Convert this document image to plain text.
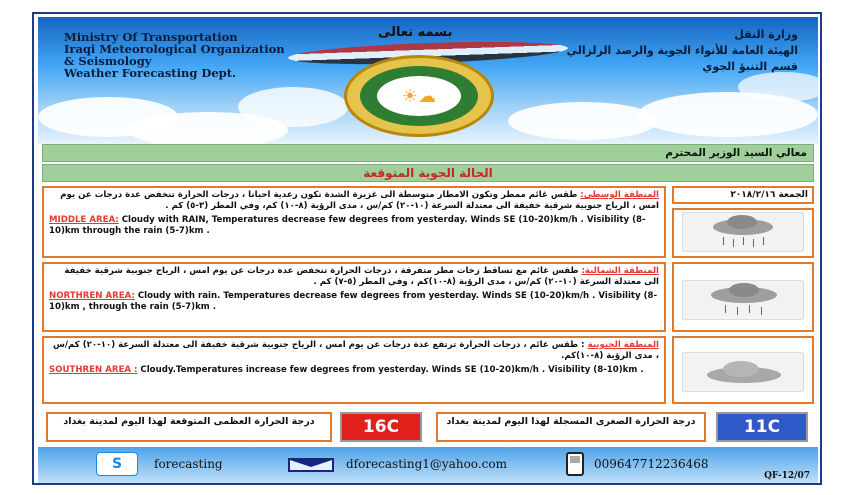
Ministry Of Transportation
Iraqi Meteorological Organization
& Seismology
Weather Forecasting Dept.
بسمه تعالى
☀☁
وزارة النقل
الهيئة العامة للأنواء الجوية والرصد الزلزالي
قسم التنبؤ الجوي
معالي السيد الوزير المحترم
الحالة الجوية المتوقعة
المنطقة الوسطى: طقس غائم ممطر وتكون الامطار متوسطة الى غزيرة الشدة تكون رعدية احيانا ، درجات الحرارة تنخفض عدة درجات عن يوم امس ، الرياح جنوبية شرقية خفيفة الى معتدلة السرعة (١٠-٢٠) كم/س ، مدى الرؤية (٨-١٠) كم، وفي المطر (٣-٥) كم .
MIDDLE AREA: Cloudy with RAIN, Temperatures decrease few degrees from yesterday. Winds SE (10-20)km/h . Visibility (8-10)km through the rain (5-7)km .
المنطقة الشمالية: طقس غائم مع تساقط زخات مطر متفرقة ، درجات الحرارة تنخفض عدة درجات عن يوم امس ، الرياح جنوبية شرقية خفيفة الى معتدلة السرعة (١٠-٢٠) كم/س ، مدى الرؤية (٨-١٠)كم ، وفي المطر (٥-٧) كم .
NORTHREN AREA: Cloudy with rain. Temperatures decrease few degrees from yesterday. Winds SE (10-20)km/h . Visibility (8-10)km , through the rain (5-7)km .
المنطقة الجنوبية : طقس غائم ، درجات الحرارة ترتفع عدة درجات عن يوم امس ، الرياح جنوبية شرقية خفيفة الى معتدلة السرعة (١٠-٢٠) كم/س ، مدى الرؤية (٨-١٠)كم.
SOUTHREN AREA : Cloudy.Temperatures increase few degrees from yesterday. Winds SE (10-20)km/h . Visibility (8-10)km .
الجمعة ٢٠١٨/٢/١٦
درجة الحرارة العظمى المتوقعة لهذا اليوم لمدينة بغداد	16C	درجة الحرارة الصغرى المسجلة لهذا اليوم لمدينة بغداد	11C
S	forecasting	dforecasting1@yahoo.com	009647712236468
QF-12/07
